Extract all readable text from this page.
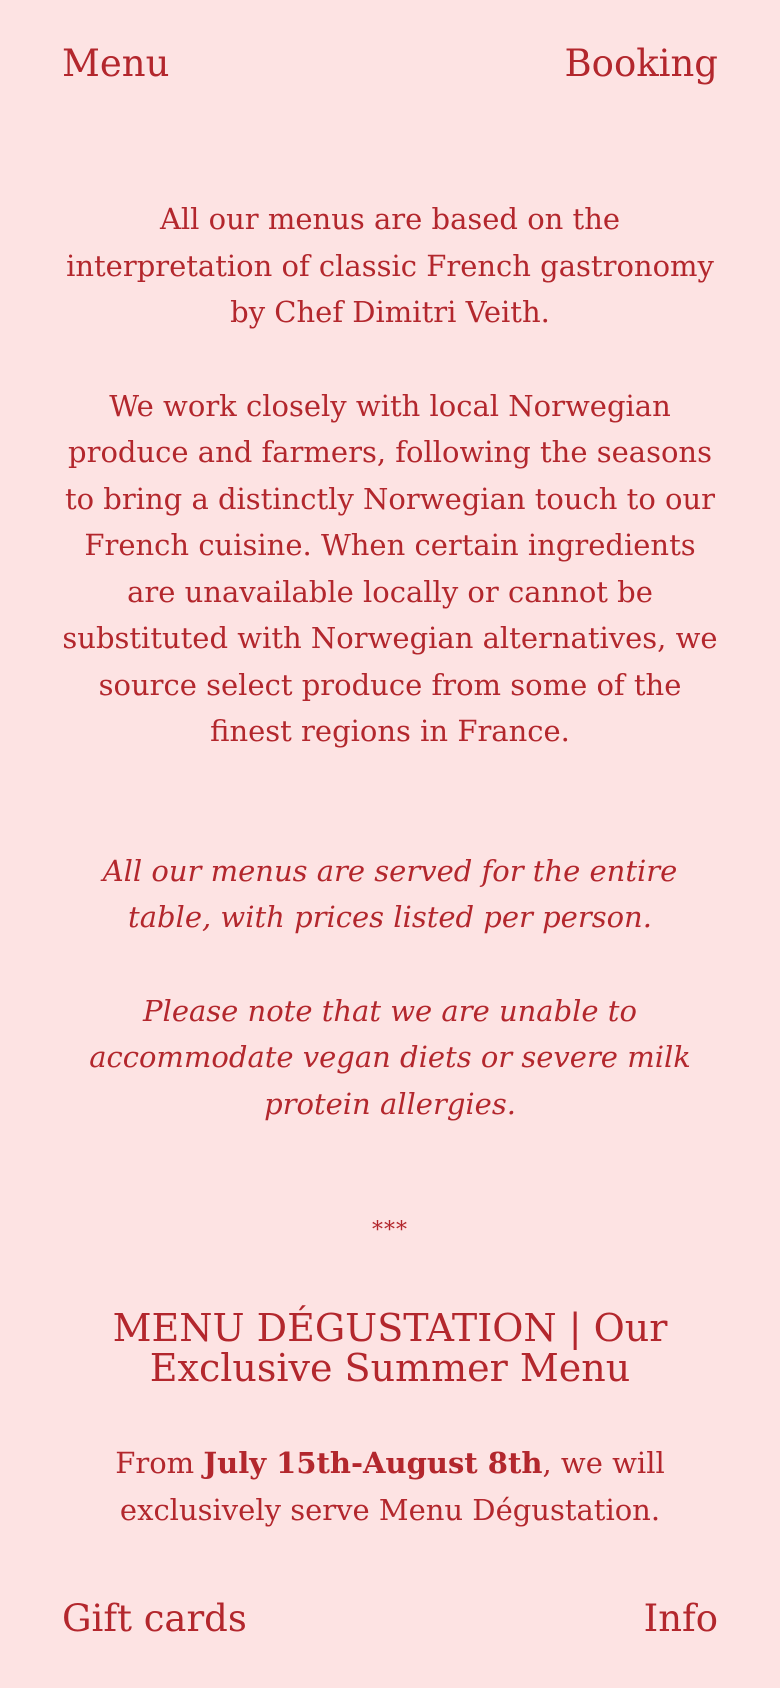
Menu	Booking

All our menus are based on the interpretation of classic French gastronomy by Chef Dimitri Veith.

We work closely with local Norwegian produce and farmers, following the seasons to bring a distinctly Norwegian touch to our French cuisine. When certain ingredients are unavailable locally or cannot be substituted with Norwegian alternatives, we source select produce from some of the finest regions in France.

All our menus are served for the entire table, with prices listed per person.

Please note that we are unable to accommodate vegan diets or severe milk protein allergies.

***
MENU DÉGUSTATION | Our Exclusive Summer Menu

From July 15th-August 8th, we will exclusively serve Menu Dégustation.

Gift cards	Info
